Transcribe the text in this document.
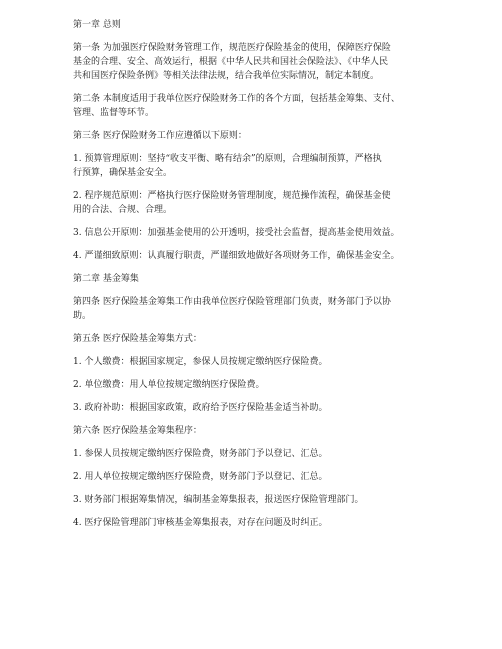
第一章 总则

第一条 为加强医疗保险财务管理工作，规范医疗保险基金的使用，保障医疗保险
基金的合理、安全、高效运行，根据《中华人民共和国社会保险法》、《中华人民
共和国医疗保险条例》等相关法律法规，结合我单位实际情况，制定本制度。

第二条 本制度适用于我单位医疗保险财务工作的各个方面，包括基金筹集、支付、
管理、监督等环节。

第三条 医疗保险财务工作应遵循以下原则：

1. 预算管理原则：坚持“收支平衡、略有结余”的原则，合理编制预算，严格执
行预算，确保基金安全。

2. 程序规范原则：严格执行医疗保险财务管理制度，规范操作流程，确保基金使
用的合法、合规、合理。

3. 信息公开原则：加强基金使用的公开透明，接受社会监督，提高基金使用效益。

4. 严谨细致原则：认真履行职责，严谨细致地做好各项财务工作，确保基金安全。

第二章 基金筹集

第四条 医疗保险基金筹集工作由我单位医疗保险管理部门负责，财务部门予以协
助。

第五条 医疗保险基金筹集方式：

1. 个人缴费：根据国家规定，参保人员按规定缴纳医疗保险费。

2. 单位缴费：用人单位按规定缴纳医疗保险费。

3. 政府补助：根据国家政策，政府给予医疗保险基金适当补助。

第六条 医疗保险基金筹集程序：

1. 参保人员按规定缴纳医疗保险费，财务部门予以登记、汇总。

2. 用人单位按规定缴纳医疗保险费，财务部门予以登记、汇总。

3. 财务部门根据筹集情况，编制基金筹集报表，报送医疗保险管理部门。

4. 医疗保险管理部门审核基金筹集报表，对存在问题及时纠正。
